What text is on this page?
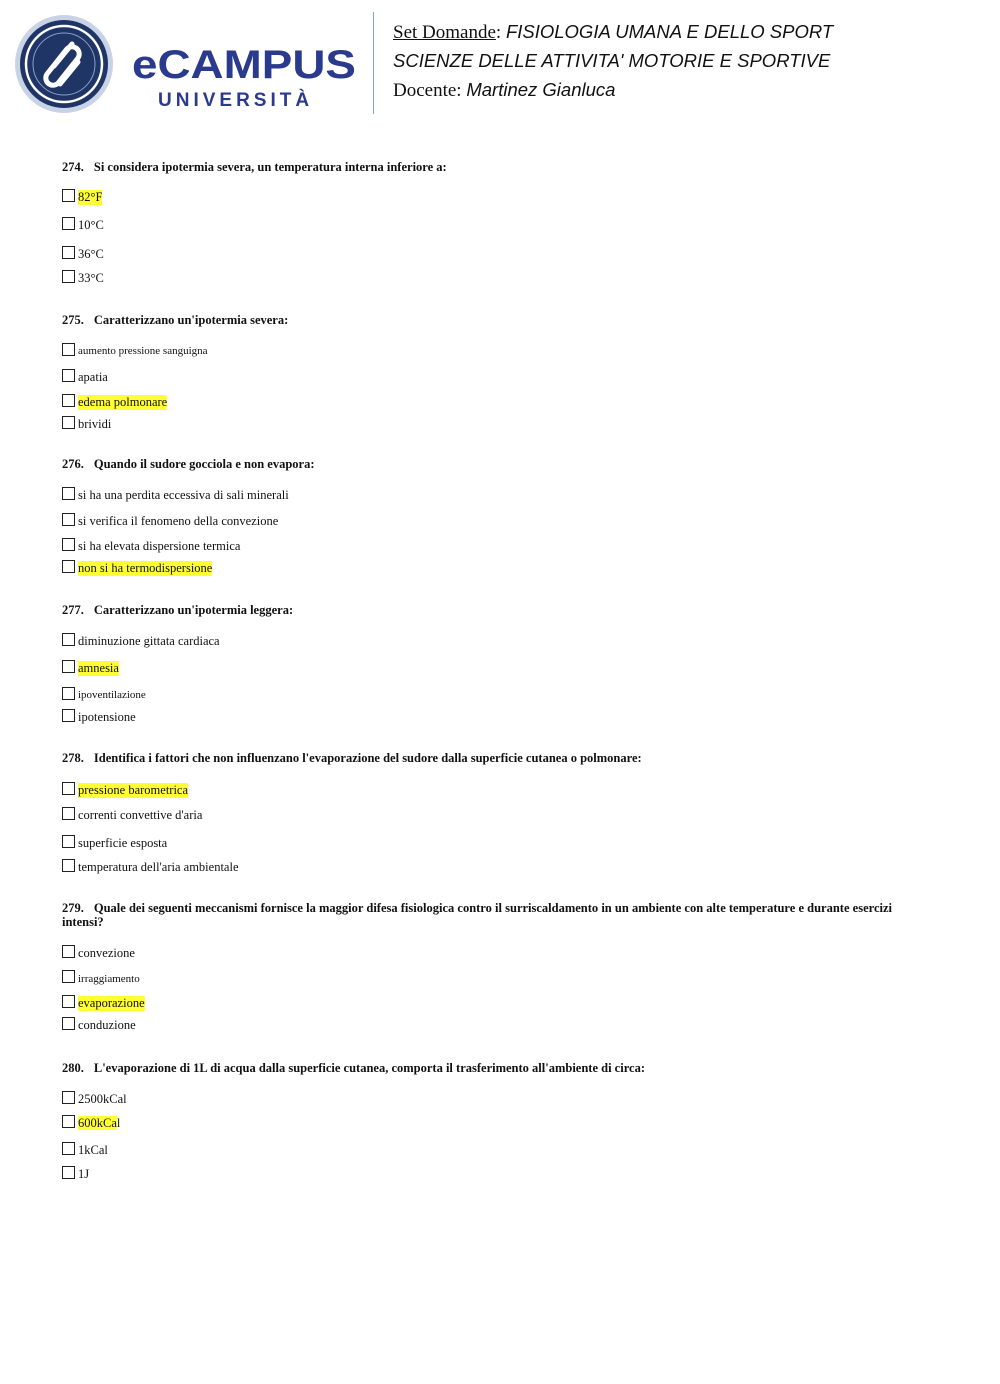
eCAMPUS
UNIVERSITÀ
Set Domande: FISIOLOGIA UMANA E DELLO SPORT
SCIENZE DELLE ATTIVITA' MOTORIE E SPORTIVE
Docente: Martinez Gianluca
274. Si considera ipotermia severa, un temperatura interna inferiore a:
82°F
10°C
36°C
33°C
275. Caratterizzano un'ipotermia severa:
aumento pressione sanguigna
apatia
edema polmonare
brividi
276. Quando il sudore gocciola e non evapora:
si ha una perdita eccessiva di sali minerali
si verifica il fenomeno della convezione
si ha elevata dispersione termica
non si ha termodispersione
277. Caratterizzano un'ipotermia leggera:
diminuzione gittata cardiaca
amnesia
ipoventilazione
ipotensione
278. Identifica i fattori che non influenzano l'evaporazione del sudore dalla superficie cutanea o polmonare:
pressione barometrica
correnti convettive d'aria
superficie esposta
temperatura dell'aria ambientale
279. Quale dei seguenti meccanismi fornisce la maggior difesa fisiologica contro il surriscaldamento in un ambiente con alte temperature e durante esercizi intensi?
convezione
irraggiamento
evaporazione
conduzione
280. L'evaporazione di 1L di acqua dalla superficie cutanea, comporta il trasferimento all'ambiente di circa:
2500kCal
600kCal
1kCal
1J
